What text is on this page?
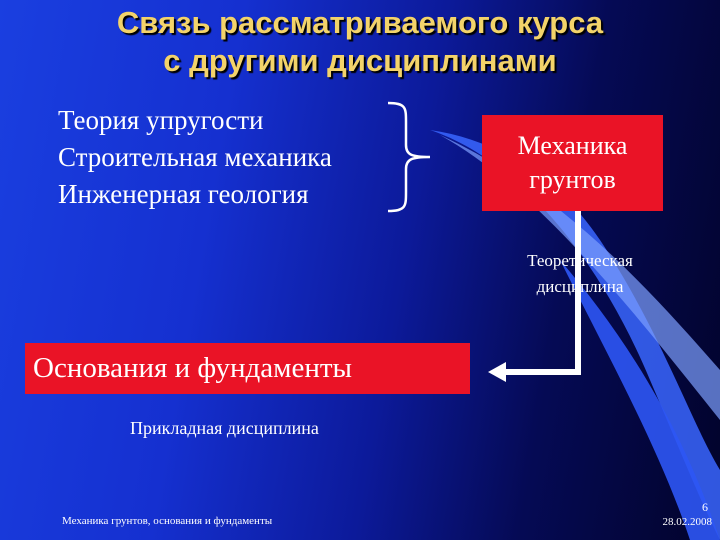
Связь рассматриваемого курса
с другими дисциплинами
Теория упругости
Строительная механика
Инженерная геология
Механика
грунтов
Теоретическая
дисциплина
Основания и фундаменты
Прикладная дисциплина
Механика грунтов, основания и фундаменты
6
28.02.2008
